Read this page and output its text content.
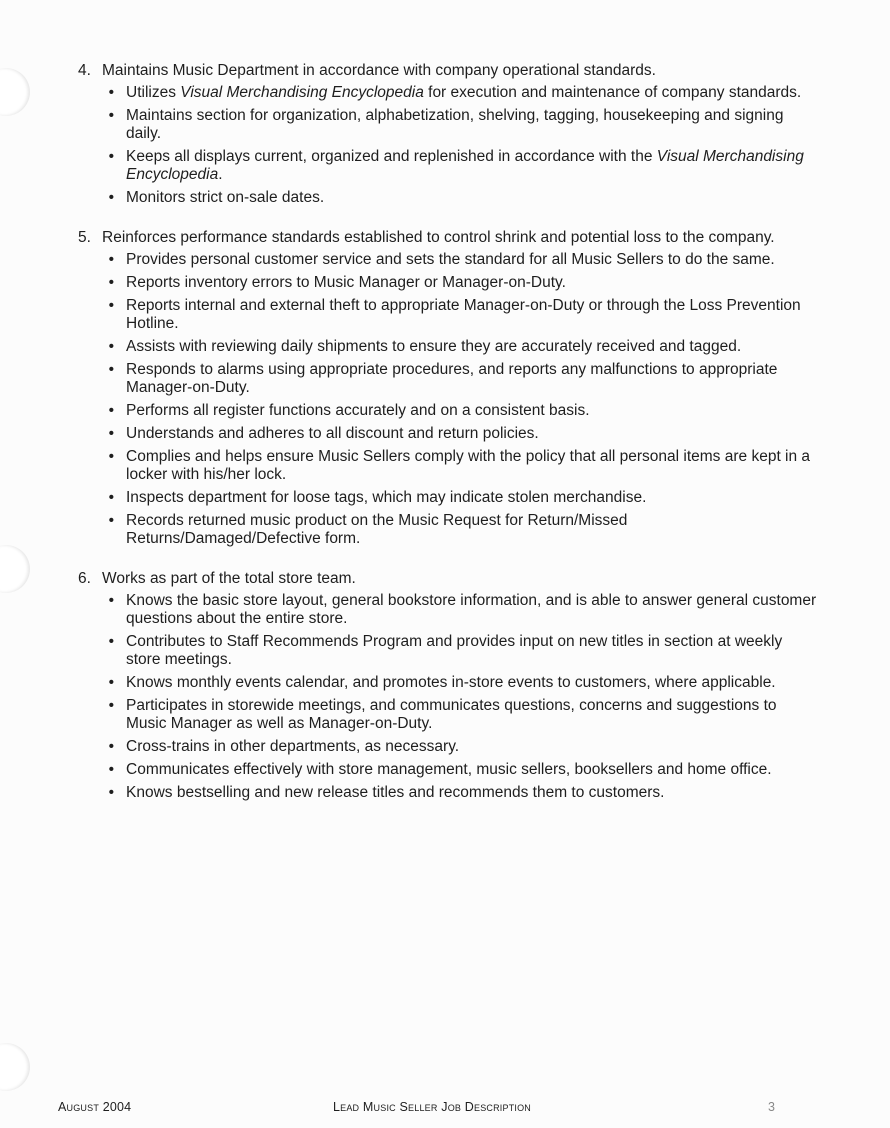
4. Maintains Music Department in accordance with company operational standards.
• Utilizes Visual Merchandising Encyclopedia for execution and maintenance of company standards.
• Maintains section for organization, alphabetization, shelving, tagging, housekeeping and signing daily.
• Keeps all displays current, organized and replenished in accordance with the Visual Merchandising Encyclopedia.
• Monitors strict on-sale dates.
5. Reinforces performance standards established to control shrink and potential loss to the company.
• Provides personal customer service and sets the standard for all Music Sellers to do the same.
• Reports inventory errors to Music Manager or Manager-on-Duty.
• Reports internal and external theft to appropriate Manager-on-Duty or through the Loss Prevention Hotline.
• Assists with reviewing daily shipments to ensure they are accurately received and tagged.
• Responds to alarms using appropriate procedures, and reports any malfunctions to appropriate Manager-on-Duty.
• Performs all register functions accurately and on a consistent basis.
• Understands and adheres to all discount and return policies.
• Complies and helps ensure Music Sellers comply with the policy that all personal items are kept in a locker with his/her lock.
• Inspects department for loose tags, which may indicate stolen merchandise.
• Records returned music product on the Music Request for Return/Missed Returns/Damaged/Defective form.
6. Works as part of the total store team.
• Knows the basic store layout, general bookstore information, and is able to answer general customer questions about the entire store.
• Contributes to Staff Recommends Program and provides input on new titles in section at weekly store meetings.
• Knows monthly events calendar, and promotes in-store events to customers, where applicable.
• Participates in storewide meetings, and communicates questions, concerns and suggestions to Music Manager as well as Manager-on-Duty.
• Cross-trains in other departments, as necessary.
• Communicates effectively with store management, music sellers, booksellers and home office.
• Knows bestselling and new release titles and recommends them to customers.
August 2004	Lead Music Seller Job Description	3
